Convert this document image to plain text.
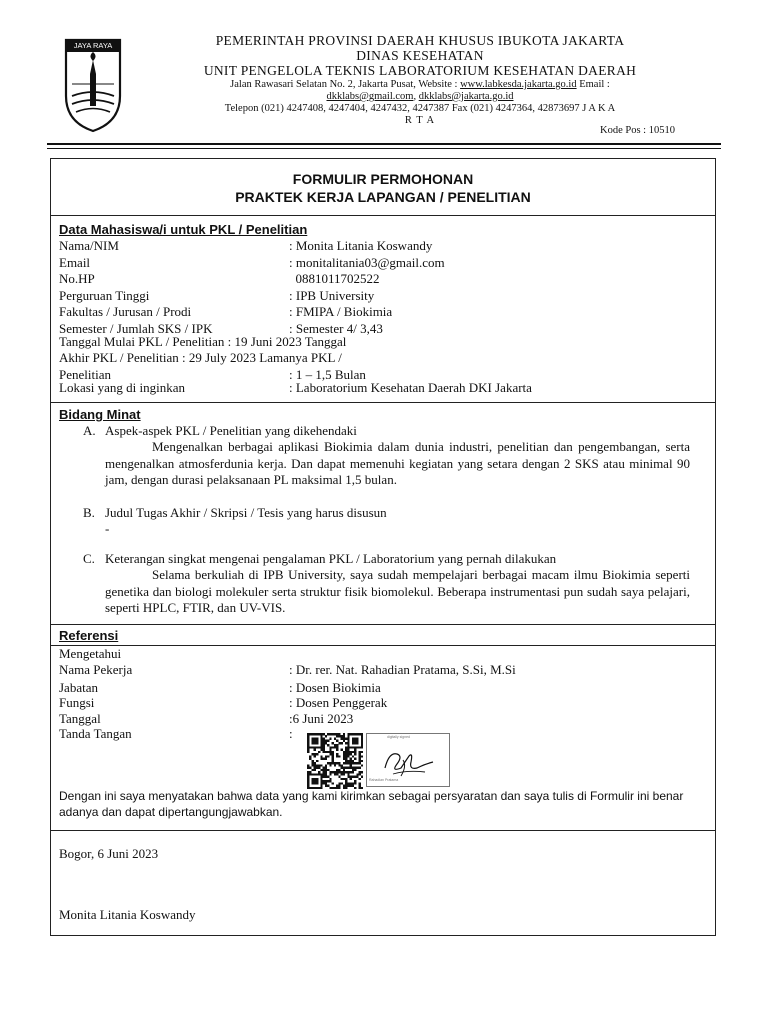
JAYA RAYA	PEMERINTAH PROVINSI DAERAH KHUSUS IBUKOTA JAKARTA
DINAS KESEHATAN
UNIT PENGELOLA TEKNIS LABORATORIUM KESEHATAN DAERAH
Jalan Rawasari Selatan No. 2, Jakarta Pusat, Website : www.labkesda.jakarta.go.id Email :
dkklabs@gmail.com, dkklabs@jakarta.go.id
Telepon (021) 4247408, 4247404, 4247432, 4247387 Fax (021) 4247364, 42873697 J A K A
R T A
Kode Pos : 10510
FORMULIR PERMOHONAN
PRAKTEK KERJA LAPANGAN / PENELITIAN
Data Mahasiswa/i untuk PKL / Penelitian
Nama/NIM	: Monita Litania Koswandy
Email	: monitalitania03@gmail.com
No.HP	0881011702522
Perguruan Tinggi	: IPB University
Fakultas / Jurusan / Prodi	: FMIPA / Biokimia
Semester / Jumlah SKS / IPK	: Semester 4/ 3,43
Tanggal Mulai PKL / Penelitian : 19 Juni 2023 Tanggal
Akhir PKL / Penelitian : 29 July 2023 Lamanya PKL /
Penelitian	: 1 – 1,5 Bulan
Lokasi yang di inginkan	: Laboratorium Kesehatan Daerah DKI Jakarta
Bidang Minat
A. Aspek-aspek PKL / Penelitian yang dikehendaki
Mengenalkan berbagai aplikasi Biokimia dalam dunia industri, penelitian dan pengembangan, serta mengenalkan atmosferdunia kerja. Dan dapat memenuhi kegiatan yang setara dengan 2 SKS atau minimal 90 jam, dengan durasi pelaksanaan PL maksimal 1,5 bulan.
B. Judul Tugas Akhir / Skripsi / Tesis yang harus disusun
-
C. Keterangan singkat mengenai pengalaman PKL / Laboratorium yang pernah dilakukan
Selama berkuliah di IPB University, saya sudah mempelajari berbagai macam ilmu Biokimia seperti genetika dan biologi molekuler serta struktur fisik biomolekul. Beberapa instrumentasi pun sudah saya pelajari, seperti HPLC, FTIR, dan UV-VIS.
Referensi
Mengetahui
Nama Pekerja	: Dr. rer. Nat. Rahadian Pratama, S.Si, M.Si
Jabatan	: Dosen Biokimia
Fungsi	: Dosen Penggerak
Tanggal	:6 Juni 2023
Tanda Tangan	:	digitally signed
Rahadian Pratama
Dengan ini saya menyatakan bahwa data yang kami kirimkan sebagai persyaratan dan saya tulis di Formulir ini benar adanya dan dapat dipertangungjawabkan.
Bogor, 6 Juni 2023
Monita Litania Koswandy
